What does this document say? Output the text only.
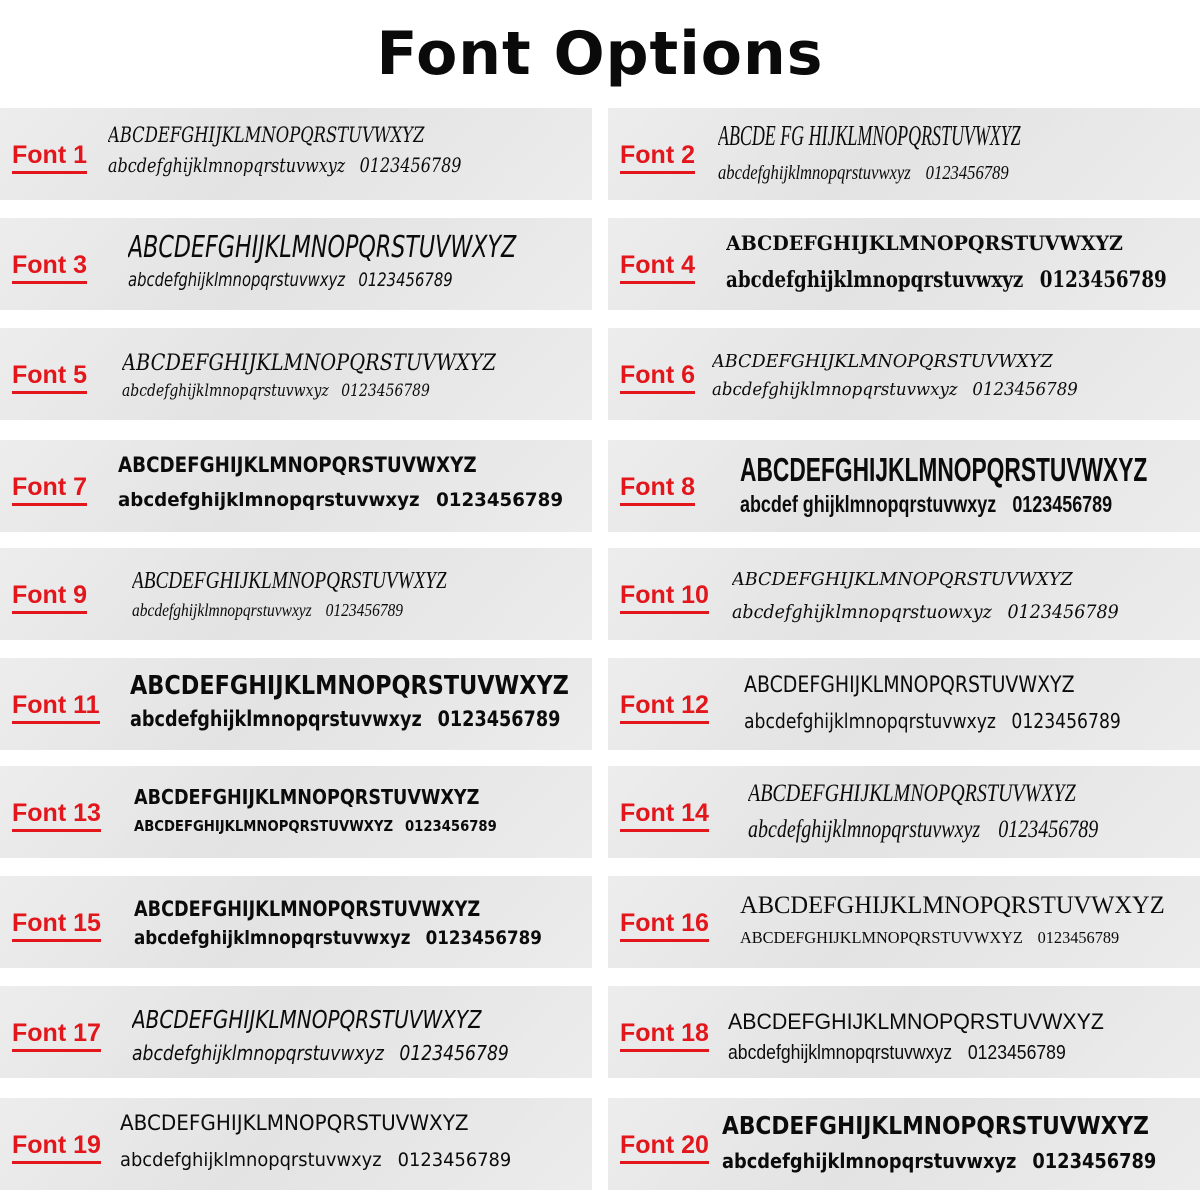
Font Options
Font 1
ABCDEFGHIJKLMNOPQRSTUVWXYZ
abcdefghijklmnopqrstuvwxyz 0123456789	Font 2
ABCDE FG HIJKLMNOPQRSTUVWXYZ
abcdefghijklmnopqrstuvwxyz 0123456789
Font 3 ABCDEFGHIJKLMNOPQRSTUVWXYZ
abcdefghijklmnopqrstuvwxyz 0123456789
Font 4
ABCDEFGHIJKLMNOPQRSTUVWXYZ
abcdefghijklmnopqrstuvwxyz 0123456789
Font 5 ABCDEFGHIJKLMNOPQRSTUVWXYZ
abcdefghijklmnopqrstuvwxyz 0123456789
Font 6 ABCDEFGHIJKLMNOPQRSTUVWXYZ
abcdefghijklmnopqrstuvwxyz 0123456789
Font 7
ABCDEFGHIJKLMNOPQRSTUVWXYZ
abcdefghijklmnopqrstuvwxyz 0123456789 Font 8 ABCDEFGHIJKLMNOPQRSTUVWXYZ
abcdef ghijklmnopqrstuvwxyz 0123456789
Font 9 ABCDEFGHIJKLMNOPQRSTUVWXYZ
abcdefghijklmnopqrstuvwxyz 0123456789
Font 10
ABCDEFGHIJKLMNOPQRSTUVWXYZ
abcdefghijklmnopqrstuowxyz 0123456789
Font 11
ABCDEFGHIJKLMNOPQRSTUVWXYZ
abcdefghijklmnopqrstuvwxyz 0123456789 Font 12
ABCDEFGHIJKLMNOPQRSTUVWXYZ
abcdefghijklmnopqrstuvwxyz 0123456789
Font 13
ABCDEFGHIJKLMNOPQRSTUVWXYZ
ABCDEFGHIJKLMNOPQRSTUVWXYZ 0123456789	Font 14
ABCDEFGHIJKLMNOPQRSTUVWXYZ
abcdefghijklmnopqrstuvwxyz 0123456789
Font 15 ABCDEFGHIJKLMNOPQRSTUVWXYZ
abcdefghijklmnopqrstuvwxyz 0123456789
Font 16
ABCDEFGHIJKLMNOPQRSTUVWXYZ
ABCDEFGHIJKLMNOPQRSTUVWXYZ 0123456789
Font 17 ABCDEFGHIJKLMNOPQRSTUVWXYZ
abcdefghijklmnopqrstuvwxyz 0123456789
Font 18 ABCDEFGHIJKLMNOPQRSTUVWXYZ
abcdefghijklmnopqrstuvwxyz 0123456789
Font 19
ABCDEFGHIJKLMNOPQRSTUVWXYZ
abcdefghijklmnopqrstuvwxyz 0123456789
Font 20
ABCDEFGHIJKLMNOPQRSTUVWXYZ
abcdefghijklmnopqrstuvwxyz 0123456789
